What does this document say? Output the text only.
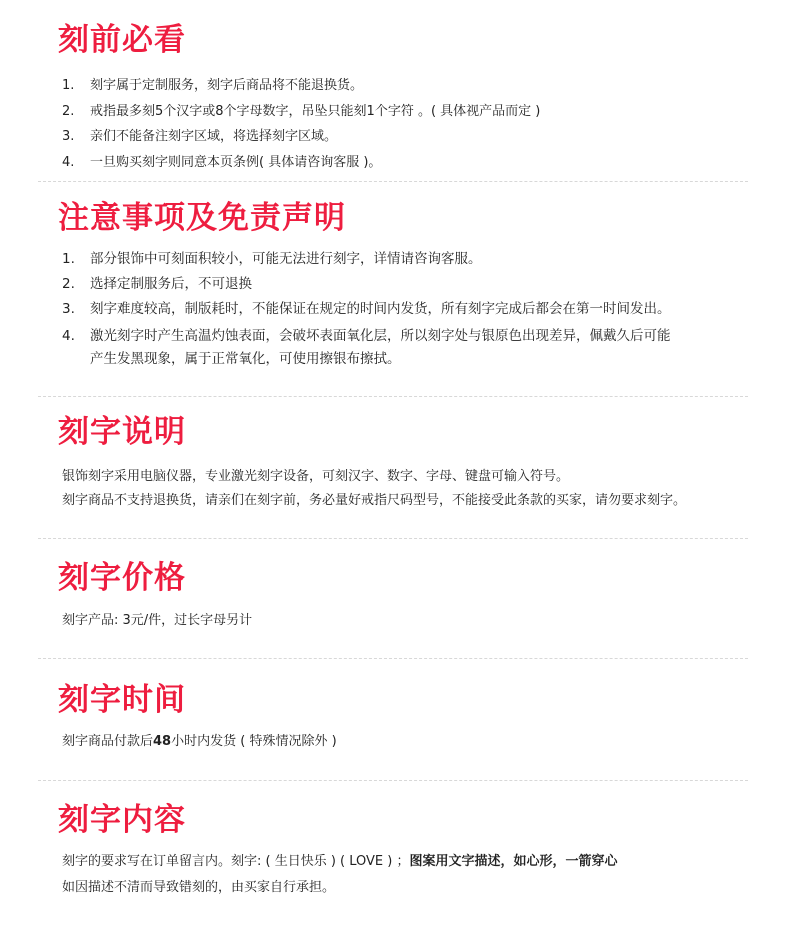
刻前必看
1. 刻字属于定制服务，刻字后商品将不能退换货。
2. 戒指最多刻5个汉字或8个字母数字，吊坠只能刻1个字符 。( 具体视产品而定 )
3. 亲们不能备注刻字区域，将选择刻字区域。
4. 一旦购买刻字则同意本页条例( 具体请咨询客服 )。
注意事项及免责声明
1. 部分银饰中可刻面积较小，可能无法进行刻字，详情请咨询客服。
2. 选择定制服务后，不可退换
3. 刻字难度较高，制版耗时，不能保证在规定的时间内发货，所有刻字完成后都会在第一时间发出。
4. 激光刻字时产生高温灼蚀表面，会破坏表面氧化层，所以刻字处与银原色出现差异，佩戴久后可能
产生发黑现象，属于正常氧化，可使用擦银布擦拭。
刻字说明
银饰刻字采用电脑仪器，专业激光刻字设备，可刻汉字、数字、字母、键盘可输入符号。
刻字商品不支持退换货，请亲们在刻字前，务必量好戒指尺码型号，不能接受此条款的买家，请勿要求刻字。
刻字价格
刻字产品: 3元/件，过长字母另计
刻字时间
刻字商品付款后48小时内发货 ( 特殊情况除外 )
刻字内容
刻字的要求写在订单留言内。刻字: ( 生日快乐 ) ( LOVE ) ；图案用文字描述，如心形，一箭穿心
如因描述不清而导致错刻的，由买家自行承担。
